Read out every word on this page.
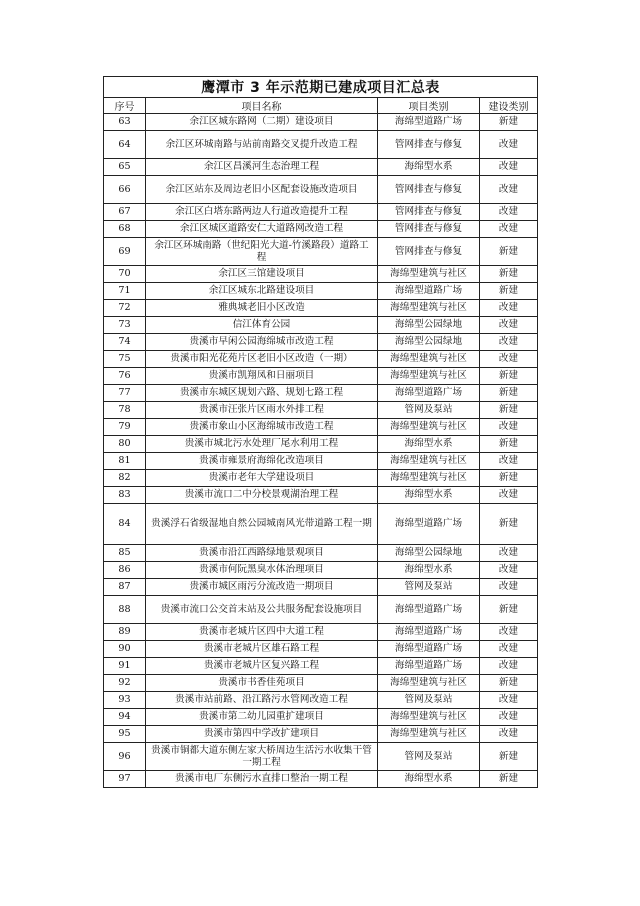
鹰潭市 3 年示范期已建成项目汇总表			
序号	项目名称	项目类别	建设类别
63	余江区城东路网（二期）建设项目	海绵型道路广场	新建
64	余江区环城南路与站前南路交叉提升改造工程	管网排查与修复	改建
65	余江区昌溪河生态治理工程	海绵型水系	改建
66	余江区站东及周边老旧小区配套设施改造项目	管网排查与修复	改建
67	余江区白塔东路两边人行道改造提升工程	管网排查与修复	改建
68	余江区城区道路安仁大道路网改造工程	管网排查与修复	改建
69	余江区环城南路（世纪阳光大道-竹溪路段）道路工程	管网排查与修复	新建
70	余江区三馆建设项目	海绵型建筑与社区	新建
71	余江区城东北路建设项目	海绵型道路广场	新建
72	雅典城老旧小区改造	海绵型建筑与社区	改建
73	信江体育公园	海绵型公园绿地	改建
74	贵溪市早闲公园海绵城市改造工程	海绵型公园绿地	改建
75	贵溪市阳光花苑片区老旧小区改造（一期）	海绵型建筑与社区	改建
76	贵溪市凯翔凤和日丽项目	海绵型建筑与社区	新建
77	贵溪市东城区规划六路、规划七路工程	海绵型道路广场	新建
78	贵溪市汪张片区雨水外排工程	管网及泵站	新建
79	贵溪市象山小区海绵城市改造工程	海绵型建筑与社区	改建
80	贵溪市城北污水处理厂尾水利用工程	海绵型水系	新建
81	贵溪市雍景府海绵化改造项目	海绵型建筑与社区	改建
82	贵溪市老年大学建设项目	海绵型建筑与社区	新建
83	贵溪市流口二中分校景观湖治理工程	海绵型水系	改建
84	贵溪浮石省级湿地自然公园城南风光带道路工程一期	海绵型道路广场	新建
85	贵溪市沿江西路绿地景观项目	海绵型公园绿地	改建
86	贵溪市何阮黑臭水体治理项目	海绵型水系	改建
87	贵溪市城区雨污分流改造一期项目	管网及泵站	改建
88	贵溪市流口公交首末站及公共服务配套设施项目	海绵型道路广场	新建
89	贵溪市老城片区四中大道工程	海绵型道路广场	改建
90	贵溪市老城片区雄石路工程	海绵型道路广场	改建
91	贵溪市老城片区复兴路工程	海绵型道路广场	改建
92	贵溪市书香佳苑项目	海绵型建筑与社区	新建
93	贵溪市站前路、沿江路污水管网改造工程	管网及泵站	改建
94	贵溪市第二幼儿园重扩建项目	海绵型建筑与社区	改建
95	贵溪市第四中学改扩建项目	海绵型建筑与社区	改建
96	贵溪市铜都大道东侧左家大桥周边生活污水收集干管一期工程	管网及泵站	新建
97	贵溪市电厂东侧污水直排口整治一期工程	海绵型水系	新建
